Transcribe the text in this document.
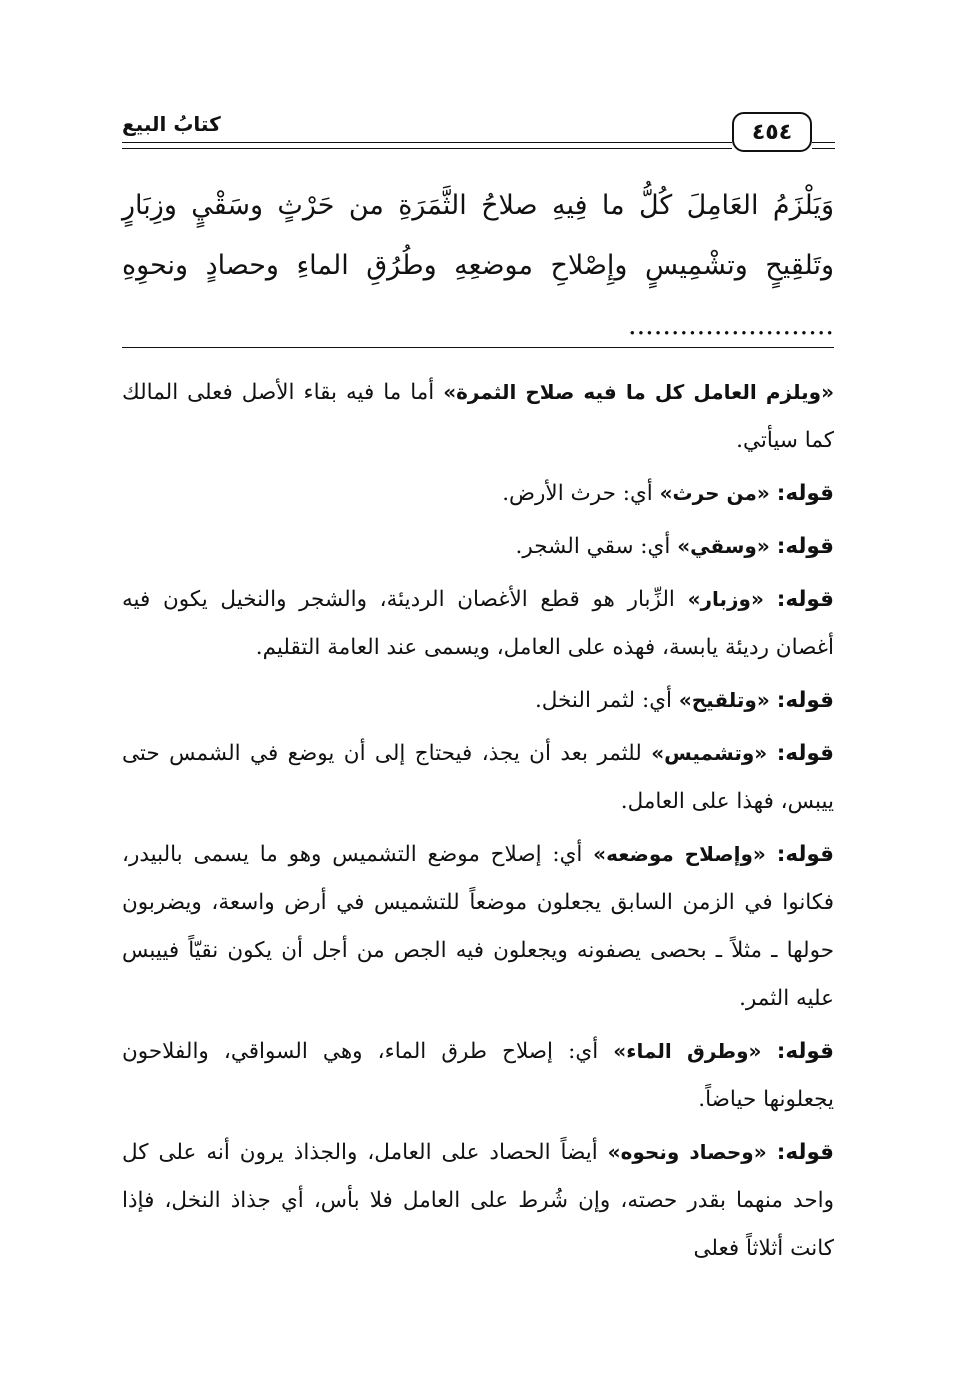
٤٥٤
كتابُ البيع

وَيَلْزَمُ العَامِلَ كُلُّ ما فِيهِ صلاحُ الثَّمَرَةِ من حَرْثٍ وسَقْيٍ وزِبَارٍ وتَلقِيحٍ وتشْمِيسٍ وإِصْلاحِ موضعِهِ وطُرُقِ الماءِ وحصادٍ ونحوِهِ ........................

«ويلزم العامل كل ما فيه صلاح الثمرة» أما ما فيه بقاء الأصل فعلى المالك كما سيأتي.

قوله: «من حرث» أي: حرث الأرض.

قوله: «وسقي» أي: سقي الشجر.

قوله: «وزبار» الزِّبار هو قطع الأغصان الرديئة، والشجر والنخيل يكون فيه أغصان رديئة يابسة، فهذه على العامل، ويسمى عند العامة التقليم.

قوله: «وتلقيح» أي: لثمر النخل.

قوله: «وتشميس» للثمر بعد أن يجذ، فيحتاج إلى أن يوضع في الشمس حتى ييبس، فهذا على العامل.

قوله: «وإصلاح موضعه» أي: إصلاح موضع التشميس وهو ما يسمى بالبيدر، فكانوا في الزمن السابق يجعلون موضعاً للتشميس في أرض واسعة، ويضربون حولها ـ مثلاً ـ بحصى يصفونه ويجعلون فيه الجص من أجل أن يكون نقيّاً فييبس عليه الثمر.

قوله: «وطرق الماء» أي: إصلاح طرق الماء، وهي السواقي، والفلاحون يجعلونها حياضاً.

قوله: «وحصاد ونحوه» أيضاً الحصاد على العامل، والجذاذ يرون أنه على كل واحد منهما بقدر حصته، وإن شُرط على العامل فلا بأس، أي جذاذ النخل، فإذا كانت أثلاثاً فعلى
